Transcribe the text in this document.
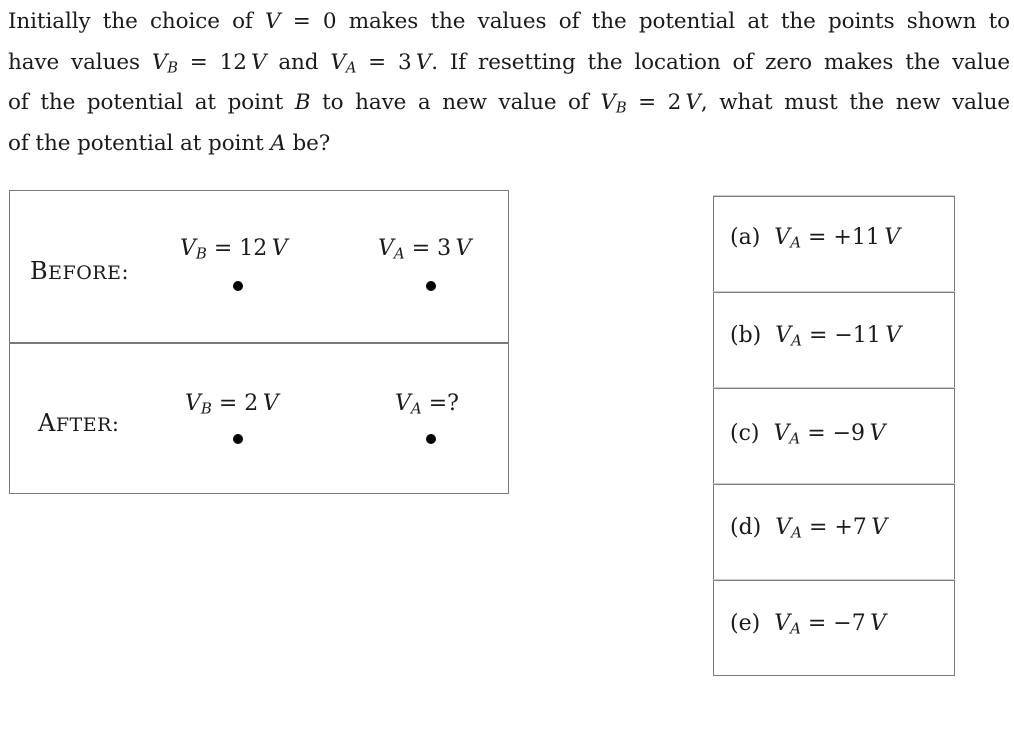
Initially the choice of V = 0 makes the values of the potential at the points shown to
have values $V_B = 12$ V and $V_A = 3$ V. If resetting the location of zero makes the value
of the potential at point B to have a new value of $V_B = 2$ V, what must the new value
of the potential at point A be?
BEFORE:
$V_B = 12$ V	$V_A = 3$ V
AFTER:
$V_B = 2$ V	$V_A$ =?
(a) $V_A = +11$ V
(b) $V_A = -11$ V
(c) $V_A = -9$ V
(d) $V_A = +7$ V
(e) $V_A = -7$ V
